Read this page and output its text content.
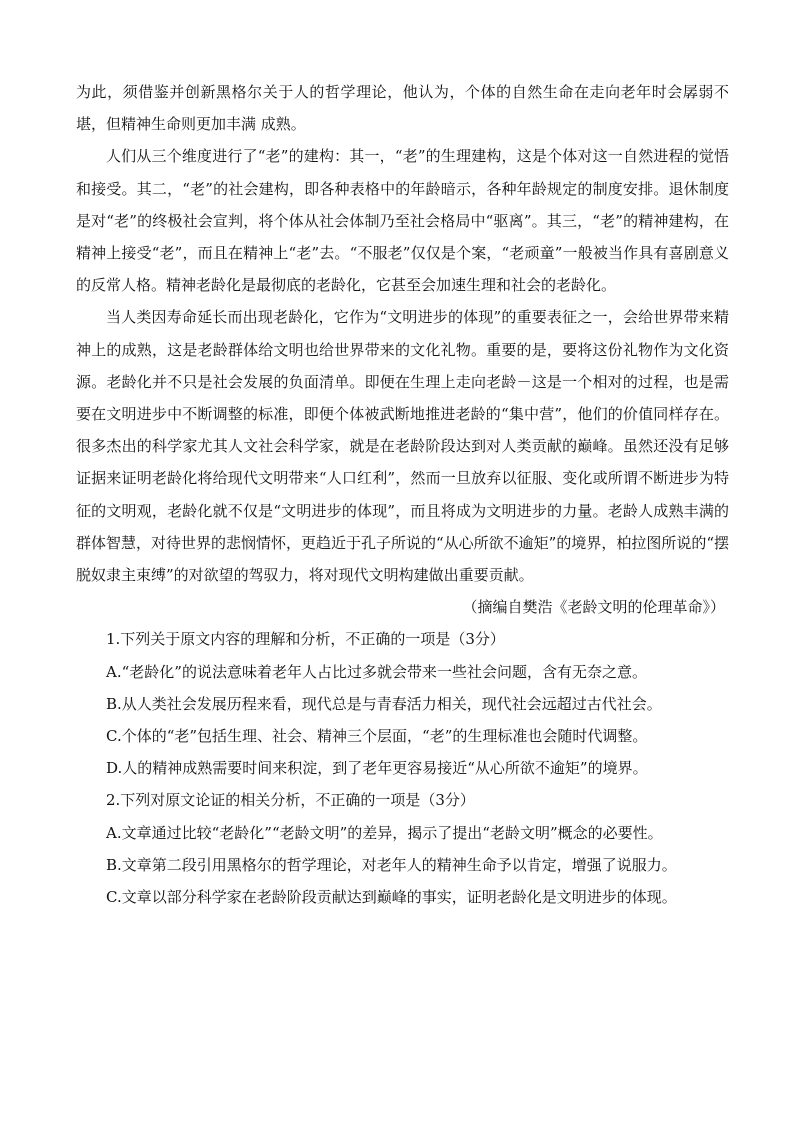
为此，须借鉴并创新黑格尔关于人的哲学理论，他认为，个体的自然生命在走向老年时会孱弱不堪，但精神生命则更加丰满 成熟。

人们从三个维度进行了“老”的建构：其一，“老”的生理建构，这是个体对这一自然进程的觉悟和接受。其二，“老”的社会建构，即各种表格中的年龄暗示，各种年龄规定的制度安排。退休制度是对“老”的终极社会宣判，将个体从社会体制乃至社会格局中“驱离”。其三，“老”的精神建构，在精神上接受“老”，而且在精神上“老”去。“不服老”仅仅是个案，“老顽童”一般被当作具有喜剧意义的反常人格。精神老龄化是最彻底的老龄化，它甚至会加速生理和社会的老龄化。

当人类因寿命延长而出现老龄化，它作为“文明进步的体现”的重要表征之一，会给世界带来精神上的成熟，这是老龄群体给文明也给世界带来的文化礼物。重要的是，要将这份礼物作为文化资源。老龄化并不只是社会发展的负面清单。即便在生理上走向老龄－这是一个相对的过程，也是需要在文明进步中不断调整的标准，即便个体被武断地推进老龄的“集中营”，他们的价值同样存在。很多杰出的科学家尤其人文社会科学家，就是在老龄阶段达到对人类贡献的巅峰。虽然还没有足够证据来证明老龄化将给现代文明带来“人口红利”，然而一旦放弃以征服、变化或所谓不断进步为特征的文明观，老龄化就不仅是“文明进步的体现”，而且将成为文明进步的力量。老龄人成熟丰满的群体智慧，对待世界的悲悯情怀，更趋近于孔子所说的“从心所欲不逾矩”的境界，柏拉图所说的“摆脱奴隶主束缚”的对欲望的驾驭力，将对现代文明构建做出重要贡献。

（摘编自樊浩《老龄文明的伦理革命》）

1.下列关于原文内容的理解和分析，不正确的一项是（3分）

A.“老龄化”的说法意味着老年人占比过多就会带来一些社会问题，含有无奈之意。

B.从人类社会发展历程来看，现代总是与青春活力相关，现代社会远超过古代社会。

C.个体的“老”包括生理、社会、精神三个层面，“老”的生理标准也会随时代调整。

D.人的精神成熟需要时间来积淀，到了老年更容易接近“从心所欲不逾矩”的境界。

2.下列对原文论证的相关分析，不正确的一项是（3分）

A.文章通过比较“老龄化”“老龄文明”的差异，揭示了提出“老龄文明”概念的必要性。

B.文章第二段引用黑格尔的哲学理论，对老年人的精神生命予以肯定，增强了说服力。

C.文章以部分科学家在老龄阶段贡献达到巅峰的事实，证明老龄化是文明进步的体现。
